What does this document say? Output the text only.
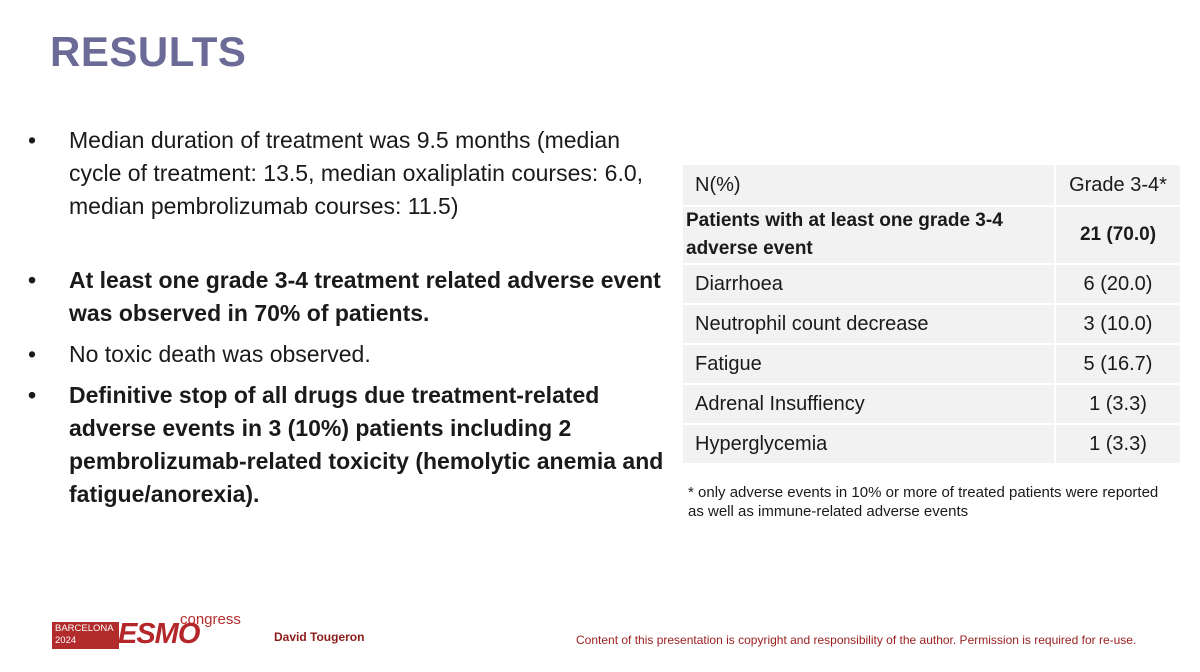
RESULTS
•	Median duration of treatment was 9.5 months (median cycle of treatment: 13.5, median oxaliplatin courses: 6.0, median pembrolizumab courses: 11.5)
•	At least one grade 3-4 treatment related adverse event was observed in 70% of patients.
•	No toxic death was observed.
•	Definitive stop of all drugs due treatment-related adverse events in 3 (10%) patients including 2 pembrolizumab-related toxicity (hemolytic anemia and fatigue/anorexia).
N(%)	Grade 3-4*
Patients with at least one grade 3-4 adverse event	21 (70.0)
Diarrhoea	6 (20.0)
Neutrophil count decrease	3 (10.0)
Fatigue	5 (16.7)
Adrenal Insuffiency	1 (3.3)
Hyperglycemia	1 (3.3)
* only adverse events in 10% or more of treated patients were reported as well as immune-related adverse events
BARCELONA
2024	ESMO
congress
David Tougeron	Content of this presentation is copyright and responsibility of the author. Permission is required for re-use.
